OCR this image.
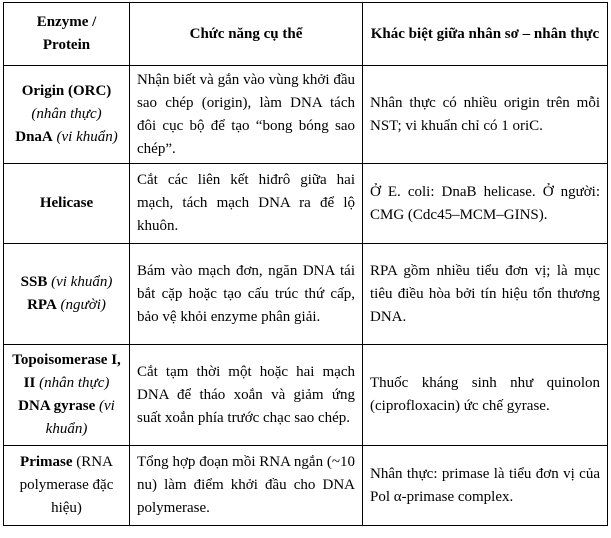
Enzyme /
Protein	Chức năng cụ thể	Khác biệt giữa nhân sơ – nhân thực
Origin (ORC)
(nhân thực)
DnaA (vi khuẩn)	Nhận biết và gắn vào vùng khởi đầu sao chép (origin), làm DNA tách đôi cục bộ để tạo “bong bóng sao chép”.	Nhân thực có nhiều origin trên mỗi NST; vi khuẩn chỉ có 1 oriC.
Helicase	Cắt các liên kết hiđrô giữa hai mạch, tách mạch DNA ra để lộ khuôn.	Ở E. coli: DnaB helicase. Ở người: CMG (Cdc45–MCM–GINS).
SSB (vi khuẩn)
RPA (người)	Bám vào mạch đơn, ngăn DNA tái bắt cặp hoặc tạo cấu trúc thứ cấp, bảo vệ khỏi enzyme phân giải.	RPA gồm nhiều tiểu đơn vị; là mục tiêu điều hòa bởi tín hiệu tổn thương DNA.
Topoisomerase I, II (nhân thực)
DNA gyrase (vi khuẩn)	Cắt tạm thời một hoặc hai mạch DNA để tháo xoắn và giảm ứng suất xoắn phía trước chạc sao chép.	Thuốc kháng sinh như quinolon (ciprofloxacin) ức chế gyrase.
Primase (RNA polymerase đặc hiệu)	Tổng hợp đoạn mồi RNA ngắn (~10 nu) làm điểm khởi đầu cho DNA polymerase.	Nhân thực: primase là tiểu đơn vị của Pol α-primase complex.
